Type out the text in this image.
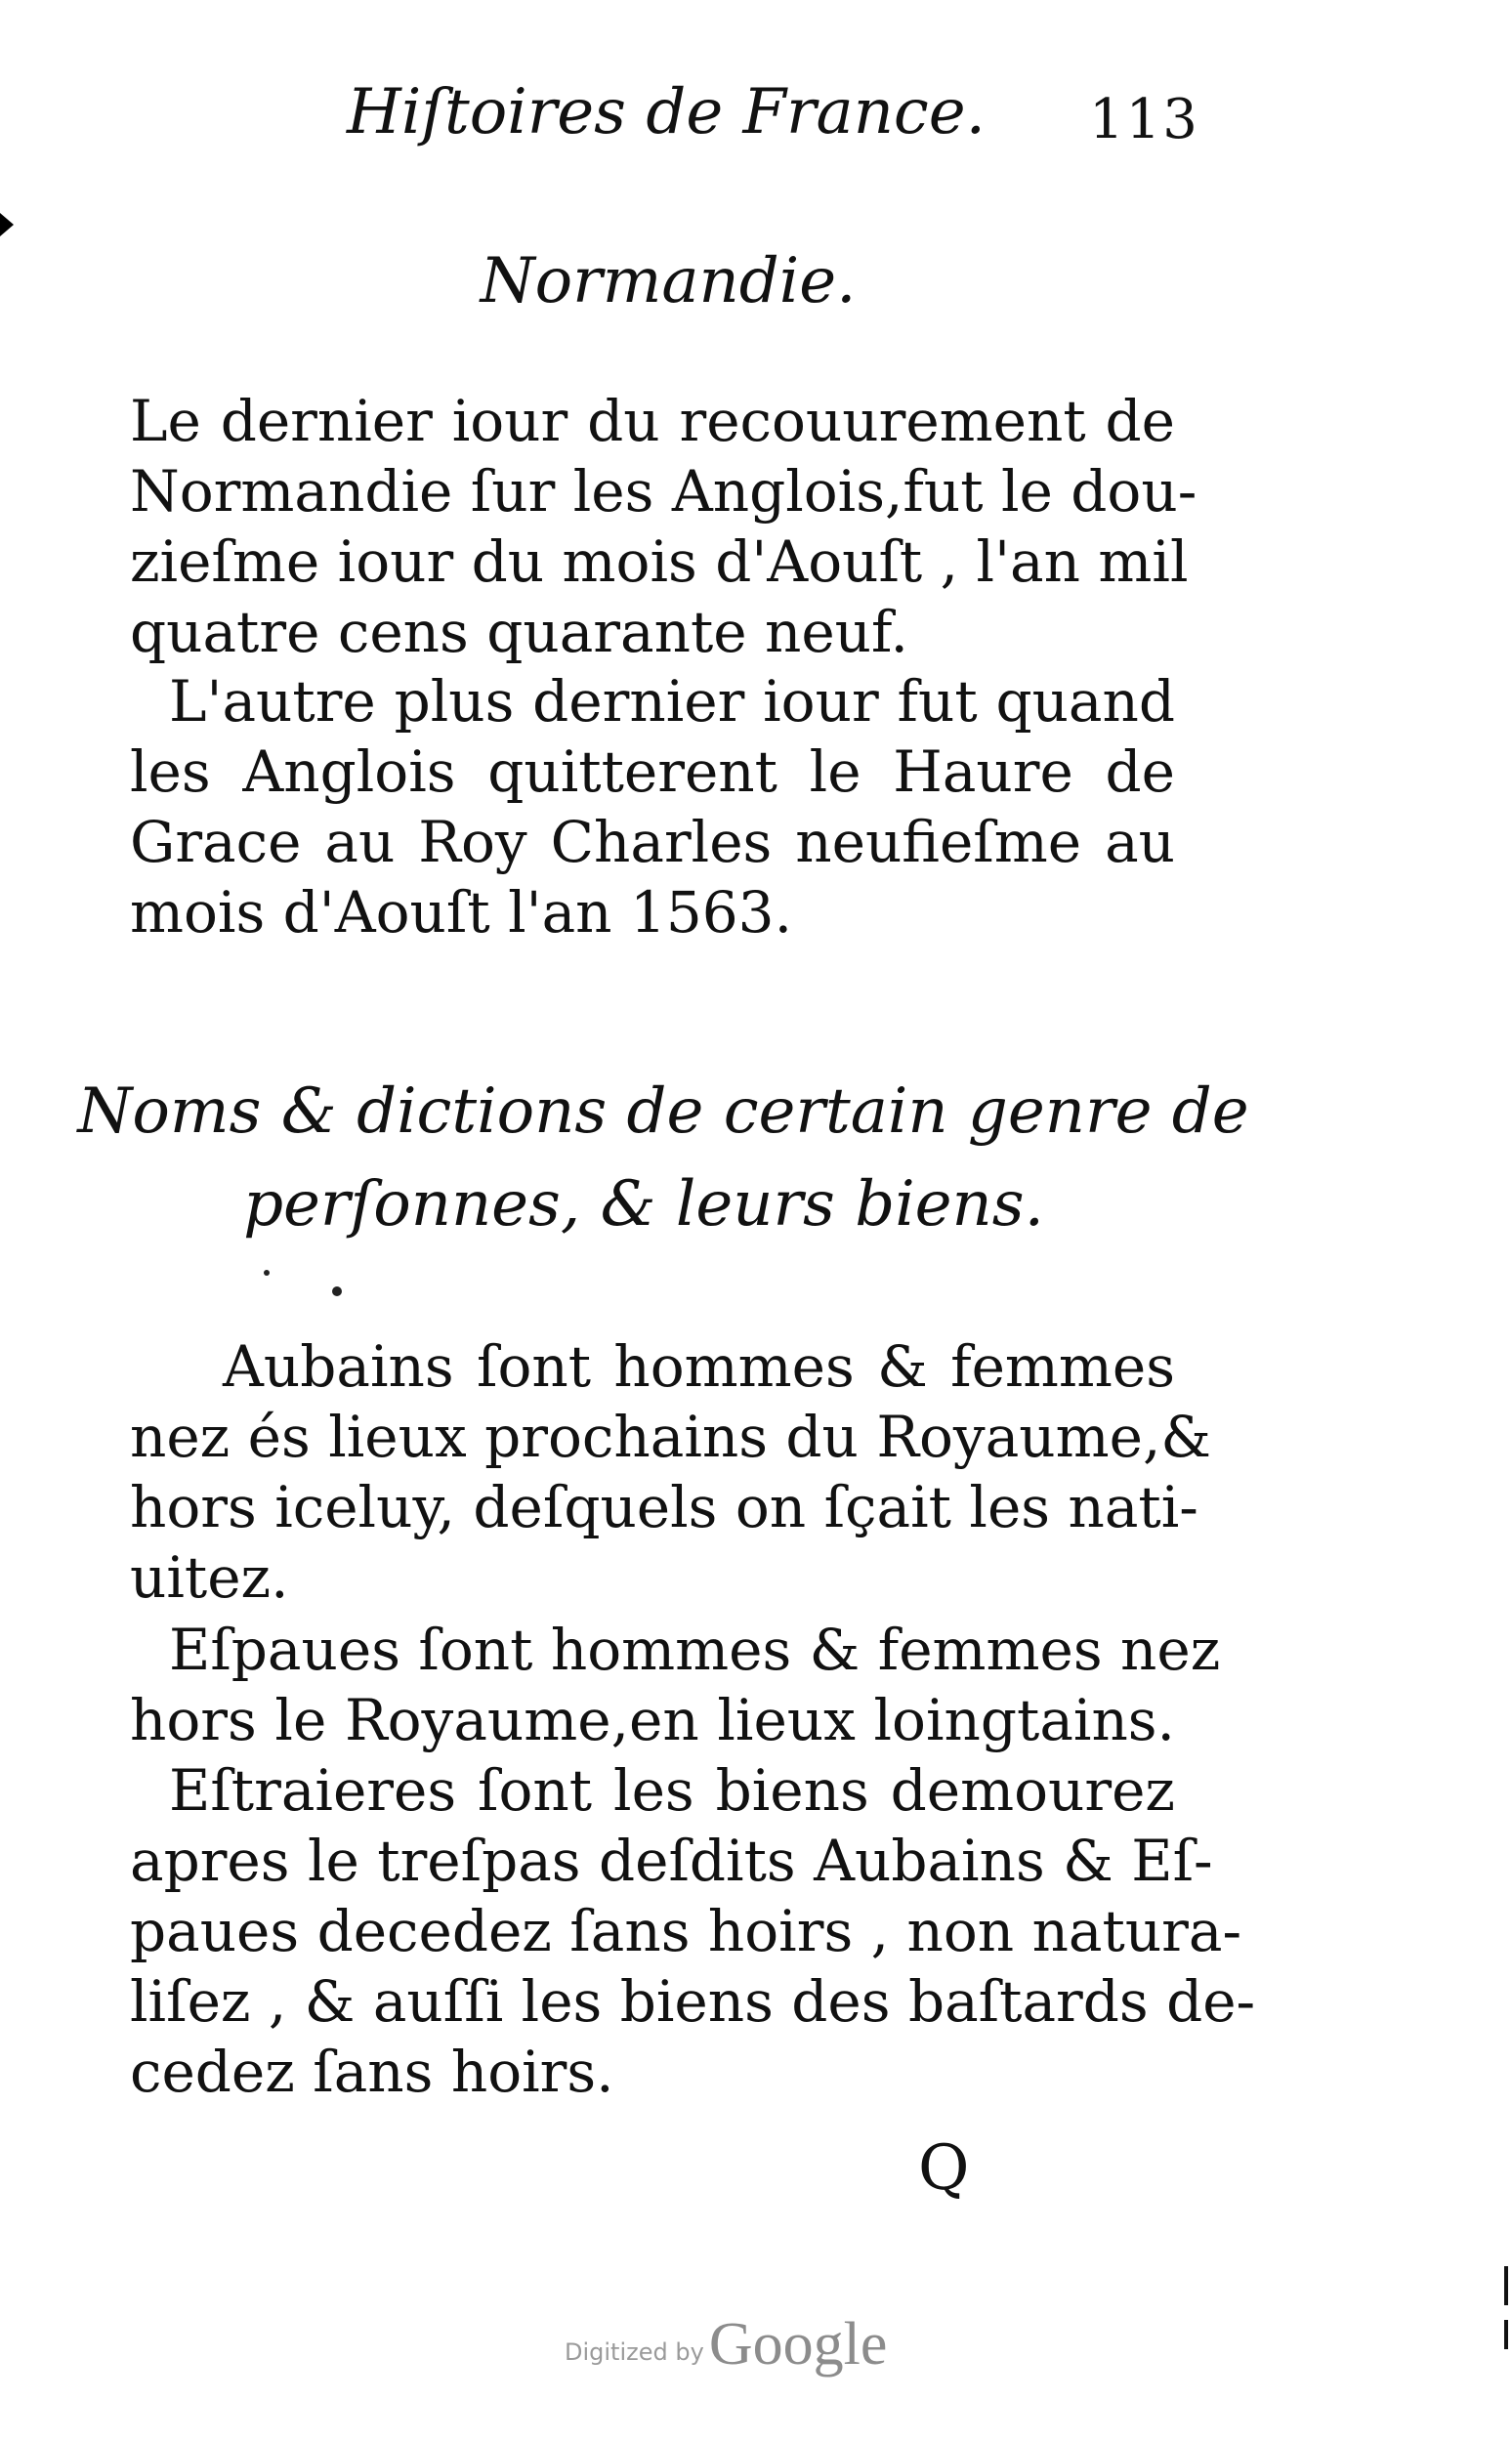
Hiſtoires de France.	113
Normandie.
Le dernier iour du recouurement de
Normandie ſur les Anglois,fut le dou-
zieſme iour du mois d'Aouſt , l'an mil
quatre cens quarante neuf.
L'autre plus dernier iour fut quand
les Anglois quitterent le Haure de
Grace au Roy Charles neufieſme au
mois d'Aouſt l'an 1563.
Noms & dictions de certain genre de
perſonnes, & leurs biens.
Aubains ſont hommes & femmes
nez és lieux prochains du Royaume,&
hors iceluy, deſquels on ſçait les nati-
uitez.
Eſpaues ſont hommes & femmes nez
hors le Royaume,en lieux loingtains.
Eſtraieres ſont les biens demourez
apres le treſpas deſdits Aubains & Eſ-
paues decedez ſans hoirs , non natura-
liſez , & auſſi les biens des baſtards de-
cedez ſans hoirs.
Q
Digitized by Google
